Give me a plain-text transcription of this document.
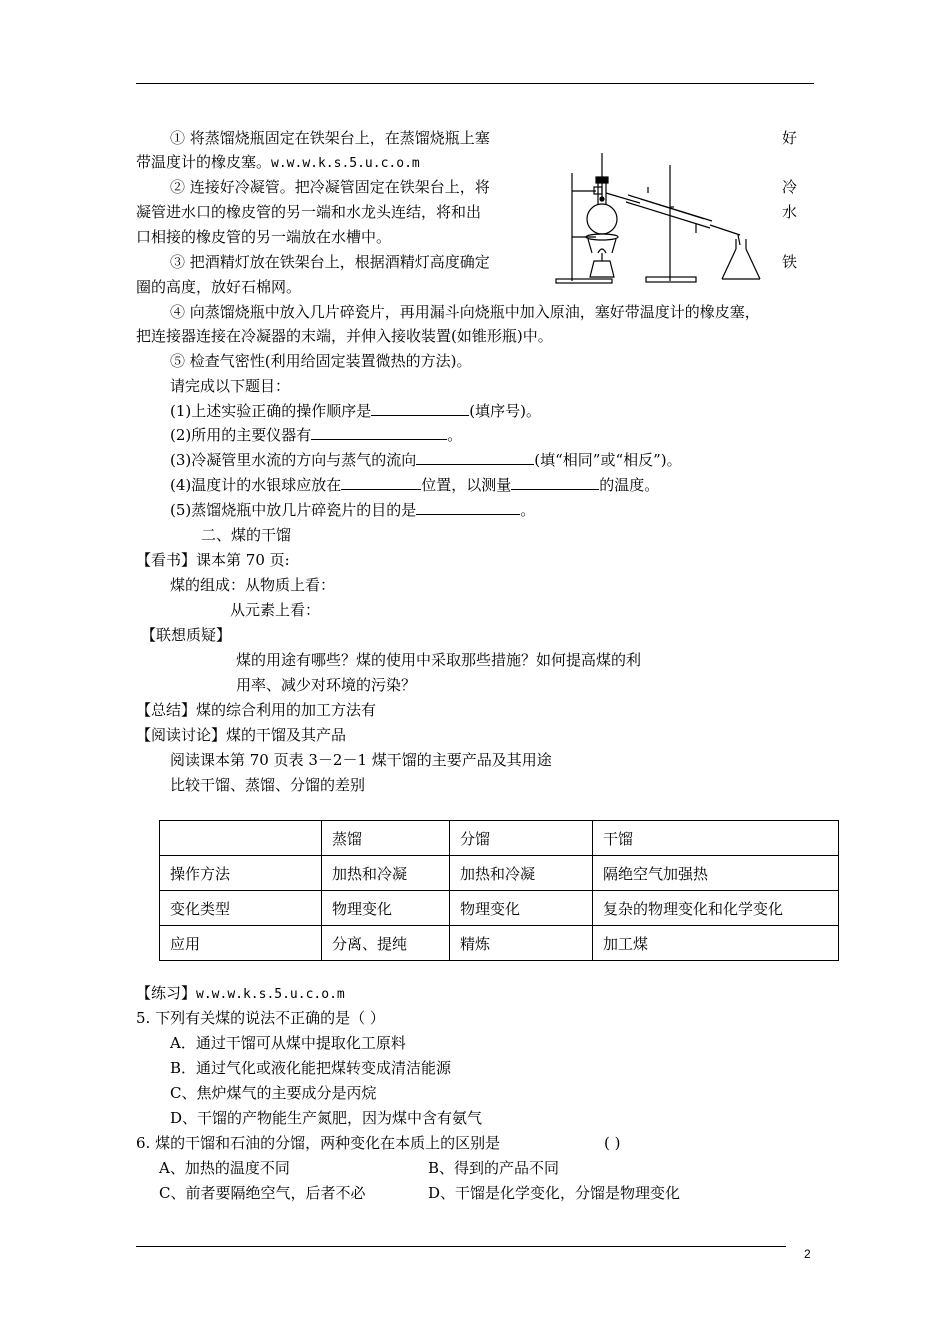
① 将蒸馏烧瓶固定在铁架台上，在蒸馏烧瓶上塞	好
带温度计的橡皮塞。w.w.w.k.s.5.u.c.o.m
② 连接好冷凝管。把冷凝管固定在铁架台上，将	冷
凝管进水口的橡皮管的另一端和水龙头连结，将和出	水
口相接的橡皮管的另一端放在水槽中。
③ 把酒精灯放在铁架台上，根据酒精灯高度确定	铁
圈的高度，放好石棉网。
④ 向蒸馏烧瓶中放入几片碎瓷片，再用漏斗向烧瓶中加入原油，塞好带温度计的橡皮塞，
把连接器连接在冷凝器的末端，并伸入接收装置(如锥形瓶)中。
⑤ 检查气密性(利用给固定装置微热的方法)。
请完成以下题目：
(1)上述实验正确的操作顺序是	(填序号)。
(2)所用的主要仪器有	。
(3)冷凝管里水流的方向与蒸气的流向	(填“相同”或“相反”)。
(4)温度计的水银球应放在	位置，以测量	的温度。
(5)蒸馏烧瓶中放几片碎瓷片的目的是	。
二、煤的干馏
【看书】课本第 70 页:
煤的组成：从物质上看：
从元素上看：
【联想质疑】
煤的用途有哪些？煤的使用中采取那些措施？如何提高煤的利
用率、减少对环境的污染？
【总结】煤的综合利用的加工方法有
【阅读讨论】煤的干馏及其产品
阅读课本第 70 页表 3－2－1 煤干馏的主要产品及其用途
比较干馏、蒸馏、分馏的差别
	蒸馏	分馏	干馏
操作方法	加热和冷凝	加热和冷凝	隔绝空气加强热
变化类型	物理变化	物理变化	复杂的物理变化和化学变化
应用	分离、提纯	精炼	加工煤
【练习】w.w.w.k.s.5.u.c.o.m
5. 下列有关煤的说法不正确的是（ ）
A．通过干馏可从煤中提取化工原料
B．通过气化或液化能把煤转变成清洁能源
C、焦炉煤气的主要成分是丙烷
D、干馏的产物能生产氮肥，因为煤中含有氨气
6. 煤的干馏和石油的分馏，两种变化在本质上的区别是	( )
A、加热的温度不同	B、得到的产品不同
C、前者要隔绝空气，后者不必	D、干馏是化学变化，分馏是物理变化
2
